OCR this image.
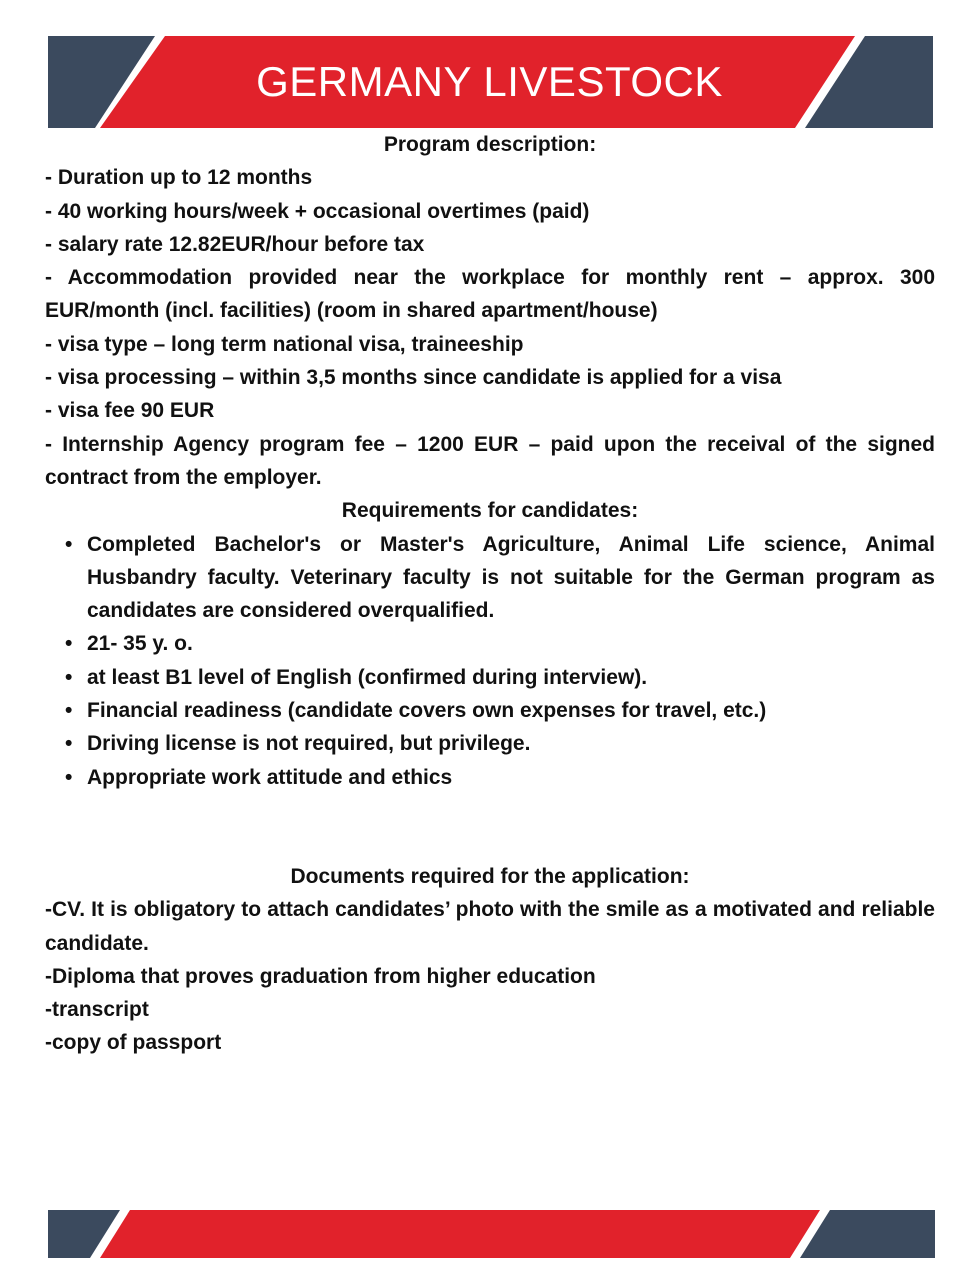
GERMANY LIVESTOCK
Program description:
- Duration up to 12 months
- 40 working hours/week + occasional overtimes (paid)
- salary rate 12.82EUR/hour before tax
- Accommodation provided near the workplace for monthly rent – approx. 300 EUR/month (incl. facilities) (room in shared apartment/house)
- visa type – long term national visa, traineeship
- visa processing – within 3,5 months since candidate is applied for a visa
- visa fee 90 EUR
- Internship Agency program fee – 1200 EUR – paid upon the receival of the signed contract from the employer.
Requirements for candidates:
• Completed Bachelor's or Master's Agriculture, Animal Life science, Animal Husbandry faculty. Veterinary faculty is not suitable for the German program as candidates are considered overqualified.
• 21- 35 y. o.
• at least B1 level of English (confirmed during interview).
• Financial readiness (candidate covers own expenses for travel, etc.)
• Driving license is not required, but privilege.
• Appropriate work attitude and ethics
Documents required for the application:
-CV. It is obligatory to attach candidates’ photo with the smile as a motivated and reliable candidate.
-Diploma that proves graduation from higher education
-transcript
-copy of passport
